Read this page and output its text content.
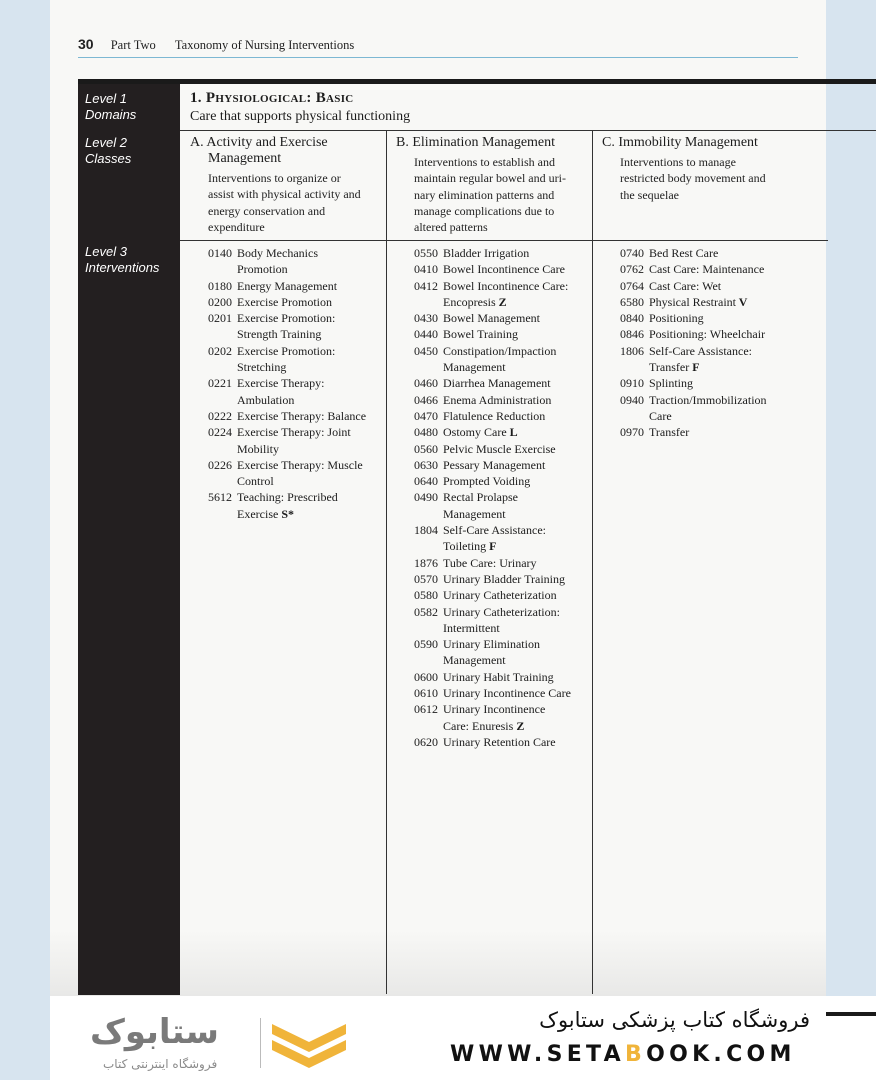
30 Part Two Taxonomy of Nursing Interventions
Level 1
Domains
Level 2
Classes
Level 3
Interventions
1. Physiological: Basic
Care that supports physical functioning
A. Activity and Exercise
Management
Interventions to organize or
assist with physical activity and
energy conservation and
expenditure
0140 Body Mechanics
Promotion
0180 Energy Management
0200 Exercise Promotion
0201 Exercise Promotion:
Strength Training
0202 Exercise Promotion:
Stretching
0221 Exercise Therapy:
Ambulation
0222 Exercise Therapy: Balance
0224 Exercise Therapy: Joint
Mobility
0226 Exercise Therapy: Muscle
Control
5612 Teaching: Prescribed
Exercise S*
B. Elimination Management
Interventions to establish and
maintain regular bowel and uri-
nary elimination patterns and
manage complications due to
altered patterns
0550 Bladder Irrigation
0410 Bowel Incontinence Care
0412 Bowel Incontinence Care:
Encopresis Z
0430 Bowel Management
0440 Bowel Training
0450 Constipation/Impaction
Management
0460 Diarrhea Management
0466 Enema Administration
0470 Flatulence Reduction
0480 Ostomy Care L
0560 Pelvic Muscle Exercise
0630 Pessary Management
0640 Prompted Voiding
0490 Rectal Prolapse
Management
1804 Self-Care Assistance:
Toileting F
1876 Tube Care: Urinary
0570 Urinary Bladder Training
0580 Urinary Catheterization
0582 Urinary Catheterization:
Intermittent
0590 Urinary Elimination
Management
0600 Urinary Habit Training
0610 Urinary Incontinence Care
0612 Urinary Incontinence
Care: Enuresis Z
0620 Urinary Retention Care
C. Immobility Management
Interventions to manage
restricted body movement and
the sequelae
0740 Bed Rest Care
0762 Cast Care: Maintenance
0764 Cast Care: Wet
6580 Physical Restraint V
0840 Positioning
0846 Positioning: Wheelchair
1806 Self-Care Assistance:
Transfer F
0910 Splinting
0940 Traction/Immobilization
Care
0970 Transfer
ستابوک
فروشگاه اینترنتی کتاب
فروشگاه کتاب پزشکی ستابوک
WWW.SETABOOK.COM
